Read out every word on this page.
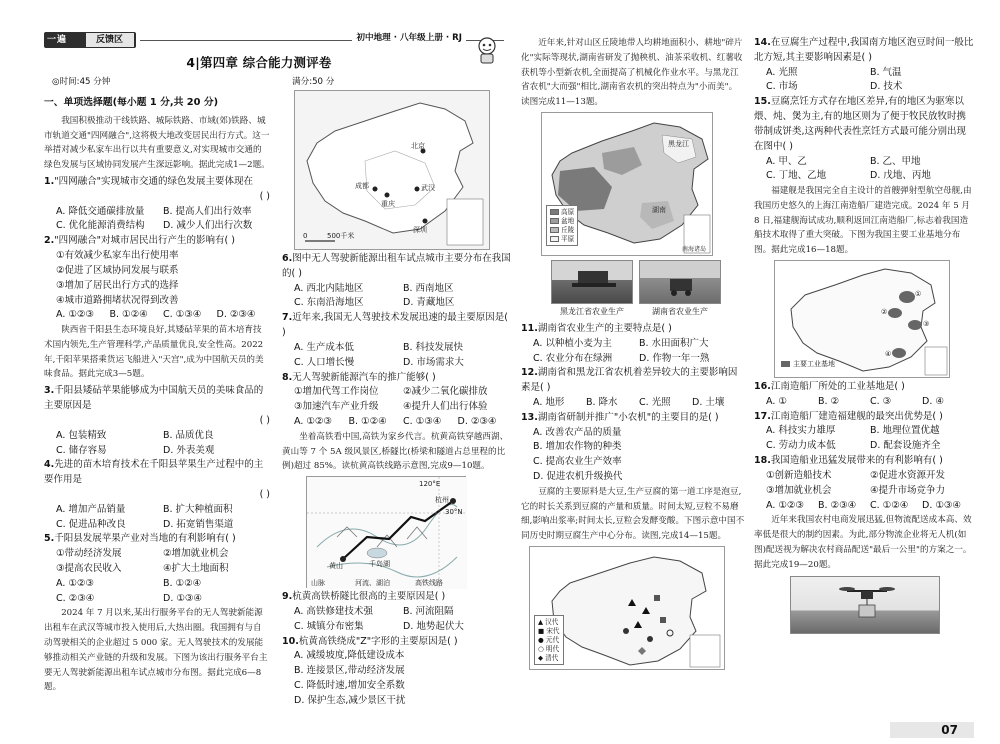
一遍	反馈区	初中地理 · 八年级上册 · RJ
4|第四章 综合能力测评卷
◎时间:45 分钟	满分:50 分
一、单项选择题(每小题 1 分,共 20 分)
我国积极推动干线铁路、城际铁路、市域(郊)铁路、城市轨道交通"四网融合",这将极大地改变居民出行方式。这一举措对减少私家车出行以共有重要意义,对实现城市交通的绿色发展与区域协同发展产生深远影响。据此完成1—2题。
1."四网融合"实现城市交通的绿色发展主要体现在
( )
A. 降低交通碳排放量	B. 提高人们出行效率
C. 优化能源消费结构	D. 减少人们出行次数
2."四网融合"对城市居民出行产生的影响有( )
①有效减少私家车出行使用率
②促进了区域协同发展与联系
③增加了居民出行方式的选择
④城市道路拥堵状况得到改善
A. ①②③	B. ①②④	C. ①③④	D. ②③④
陕西省千阳县生态环境良好,其矮砧苹果的苗木培育技术国内领先,生产管理科学,产品质量优良,安全性高。2022 年,千阳苹果搭乘货运飞船进入"天宫",成为中国航天员的美味食品。据此完成3—5题。
3.千阳县矮砧苹果能够成为中国航天员的美味食品的主要原因是
( )
A. 包装精致	B. 品质优良
C. 储存容易	D. 外表美观
4.先进的苗木培育技术在千阳县苹果生产过程中的主要作用是
( )
A. 增加产品销量	B. 扩大种植面积
C. 促进品种改良	D. 拓宽销售渠道
5.千阳县发展苹果产业对当地的有利影响有( )
①带动经济发展	②增加就业机会
③提高农民收入	④扩大土地面积
A. ①②③	B. ①②④
C. ②③④	D. ①③④
2024 年 7 月以来,某出行服务平台的无人驾驶新能源出租车在武汉等城市投入使用后,大热出圈。我国拥有与自动驾驶相关的企业超过 5 000 家。无人驾驶技术的发展能够推动相关产业链的升级和发展。下图为该出行服务平台主要无人驾驶新能源出租车试点城市分布图。据此完成6—8题。
北京
武汉
重庆
深圳
成都
0	500千米
6.图中无人驾驶新能源出租车试点城市主要分布在我国的( )
A. 西北内陆地区	B. 西南地区
C. 东南沿海地区	D. 青藏地区
7.近年来,我国无人驾驶技术发展迅速的最主要原因是( )
A. 生产成本低	B. 科技发展快
C. 人口增长慢	D. 市场需求大
8.无人驾驶新能源汽车的推广能够( )
①增加代驾工作岗位	②减少二氧化碳排放
③加速汽车产业升级	④提升人们出行体验
A. ①②③	B. ①②④	C. ①③④	D. ②③④
坐着高铁看中国,高铁为家乡代言。杭黄高铁穿越西湖、黄山等 7 个 5A 级风景区,桥隧比(桥梁和隧道占总里程的比例)超过 85%。读杭黄高铁线路示意图,完成9—10题。
120°E
杭州
30°N
黄山	千岛湖
山脉	河流、湖泊	高铁线路
9.杭黄高铁桥隧比很高的主要原因是( )
A. 高铁修建技术强	B. 河流阻隔
C. 城镇分布密集	D. 地势起伏大
10.杭黄高铁绕成"Z"字形的主要原因是( )
A. 减缓坡度,降低建设成本
B. 连接景区,带动经济发展
C. 降低时速,增加安全系数
D. 保护生态,减少景区干扰
近年来,针对山区丘陵地带人均耕地面积小、耕地"碎片化"实际等现状,湖南省研发了抛秧机、油茶采收机、红薯收获机等小型新农机,全面提高了机械化作业水平。与黑龙江省农机"大而强"相比,湖南省农机的突出特点为"小而美"。读图完成11—13题。
黑龙江
湖南
南海诸岛
高原
盆地
丘陵
平原
黑龙江省农业生产	湖南省农业生产
11.湖南省农业生产的主要特点是( )
A. 以种植小麦为主	B. 水田面积广大
C. 农业分布在绿洲	D. 作物一年一熟
12.湖南省和黑龙江省农机着差异较大的主要影响因素是( )
A. 地形	B. 降水	C. 光照	D. 土壤
13.湖南省研制并推广"小农机"的主要目的是( )
A. 改善农产品的质量
B. 增加农作物的种类
C. 提高农业生产效率
D. 促进农机升级换代
豆腐的主要原料是大豆,生产豆腐的第一道工序是泡豆,它的时长关系到豆腐的产量和质量。时间太短,豆粒不易磨细,影响出浆率;时间太长,豆粒会发酵变酸。下图示意中国不同历史时期豆腐生产中心分布。读图,完成14—15题。
▲ 汉代
■ 宋代
● 元代
○ 明代
◆ 清代
14.在豆腐生产过程中,我国南方地区泡豆时间一般比北方短,其主要影响因素是( )
A. 光照	B. 气温
C. 市场	D. 技术
15.豆腐烹饪方式存在地区差异,有的地区为驱寒以煨、炖、煲为主,有的地区则为了便于牧民放牧时携带制成饼类,这两种代表性烹饪方式最可能分别出现在图中( )
A. 甲、乙	B. 乙、甲地
C. 丁地、乙地	D. 戊地、丙地
福建舰是我国完全自主设计的首艘弹射型航空母舰,由我国历史悠久的上海江南造船厂建造完成。2024 年 5 月 8 日,福建舰海试成功,顺利返回江南造船厂,标志着我国造船技术取得了重大突破。下图为我国主要工业基地分布图。据此完成16—18题。
①
②
③
④
主要工业基地
16.江南造船厂所处的工业基地是( )
A. ①	B. ②	C. ③	D. ④
17.江南造船厂建造福建舰的最突出优势是( )
A. 科技实力雄厚	B. 地理位置优越
C. 劳动力成本低	D. 配套设施齐全
18.我国造船业迅猛发展带来的有利影响有( )
①创新造船技术	②促进水资源开发
③增加就业机会	④提升市场竞争力
A. ①②③	B. ②③④	C. ①②④	D. ①③④
近年来我国农村电商发展迅猛,但物流配送成本高、效率低是很大的制约因素。为此,部分物流企业将无人机(如图)配送视为解决农村商品配送"最后一公里"的方案之一。据此完成19—20题。
07
